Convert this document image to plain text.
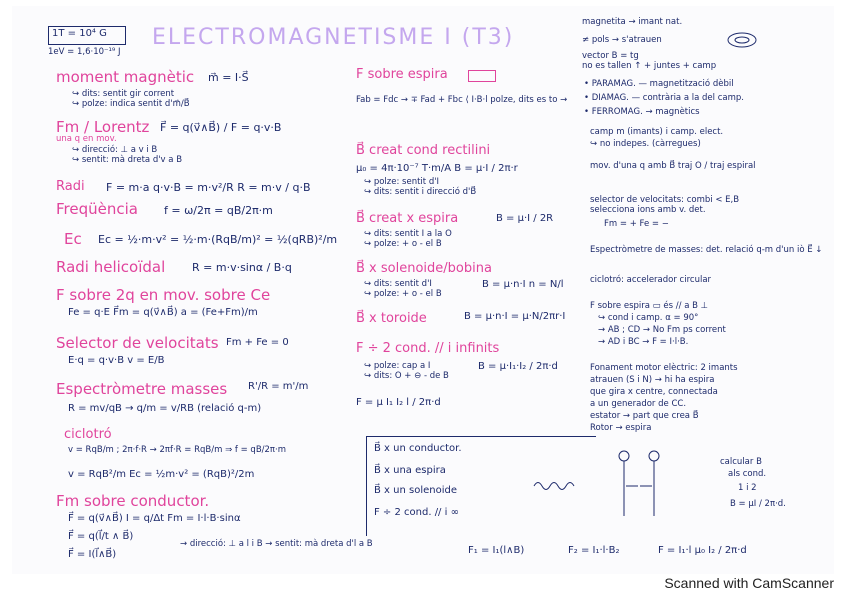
1T = 10⁴ G
1eV = 1,6·10⁻¹⁹ J
ELECTROMAGNETISME I (T3)
moment magnètic m⃗ = I·S⃗
↪ dits: sentit gir corrent
↪ polze: indica sentit d'm⃗/B⃗
Fm / Lorentz F⃗ = q(v⃗∧B⃗) / F = q·v·B
una q en mov.
↪ direcció: ⊥ a v i B
↪ sentit: mà dreta d'v a B
Radi F = m·a q·v·B = m·v²/R R = m·v / q·B
Freqüència f = ω/2π = qB/2π·m
Ec Ec = ½·m·v² = ½·m·(RqB/m)² = ½(qRB)²/m
Radi helicoïdal R = m·v·sinα / B·q
F sobre 2q en mov. sobre Ce
Fe = q·E F⃗m = q(v⃗∧B⃗) a = (Fe+Fm)/m
Selector de velocitats Fm + Fe = 0
E·q = q·v·B v = E/B
Espectròmetre masses R'/R = m'/m
R = mv/qB → q/m = v/RB (relació q-m)
ciclotró
v = RqB/m ; 2π·f·R → 2πf·R = RqB/m ⇒ f = qB/2π·m
v = RqB²/m Ec = ½m·v² = (RqB)²/2m
Fm sobre conductor.
F⃗ = q(v⃗∧B⃗) I = q/Δt Fm = I·l·B·sinα
F⃗ = q(l⃗/t ∧ B⃗)
F⃗ = I(l⃗∧B⃗)
→ direcció: ⊥ a l i B → sentit: mà dreta d'l a B
F sobre espira
Fab = Fdc → ∓ Fad + Fbc ⟨ I·B·l polze, dits es to →
B⃗ creat cond rectilini
μ₀ = 4π·10⁻⁷ T·m/A B = μ·I / 2π·r
↪ polze: sentit d'I
↪ dits: sentit i direcció d'B⃗
B⃗ creat x espira	B = μ·I / 2R
↪ dits: sentit I a la O
↪ polze: + o - el B
B⃗ x solenoide/bobina
B = μ·n·I n = N/l
↪ dits: sentit d'I
↪ polze: + o - el B
B⃗ x toroide	B = μ·n·I = μ·N/2πr·I
F ÷ 2 cond. // i infinits
↪ polze: cap a I
↪ dits: O + ⊖ - de B
B = μ·I₁·I₂ / 2π·d
F = μ I₁ I₂ l / 2π·d
B⃗ x un conductor.
B⃗ x una espira
B⃗ x un solenoide
F ÷ 2 cond. // i ∞
F₁ = I₁(l∧B)	F₂ = I₁·l·B₂	F = I₁·l μ₀ I₂ / 2π·d
magnetita → imant nat.
≠ pols → s'atrauen
vector B = tg
no es tallen ↑ + juntes + camp
• PARAMAG. — magnetització dèbil
• DIAMAG. — contrària a la del camp.
• FERROMAG. → magnètics
camp m (imants) i camp. elect.
↪ no indepes. (càrregues)
mov. d'una q amb B⃗ traj O / traj espiral
selector de velocitats: combi < E,B
selecciona ions amb v. det.
Fm = + Fe = −
Espectròmetre de masses: det. relació q-m d'un iò E⃗ ↓
ciclotró: accelerador circular
F sobre espira ▭ és // a B ⊥
↪ cond i camp. α = 90°
→ AB ; CD → No Fm ps corrent
→ AD i BC → F = I·l·B.
Fonament motor elèctric: 2 imants
atrauen (S i N) → hi ha espira
que gira x centre, connectada
a un generador de CC.
estator → part que crea B⃗
Rotor → espira
calcular B
als cond.
1 i 2
B = μI / 2π·d.
Scanned with CamScanner
